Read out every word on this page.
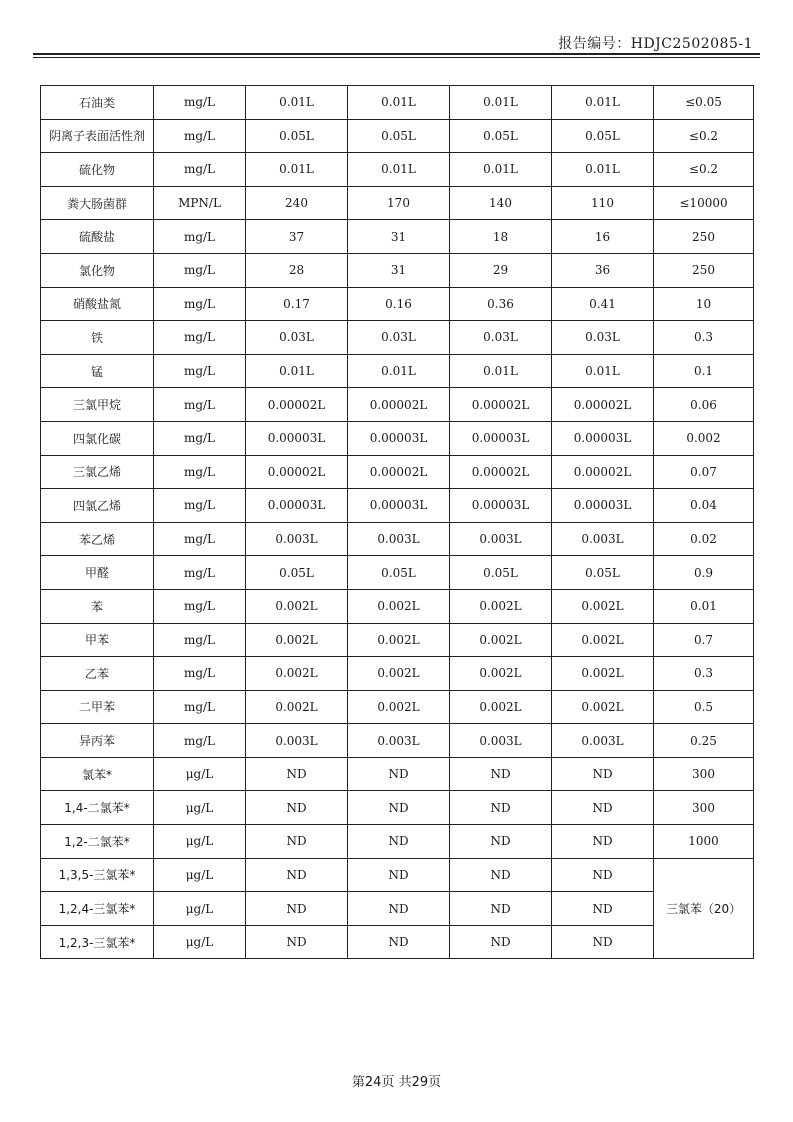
报告编号：HDJC2502085-1
石油类	mg/L	0.01L	0.01L	0.01L	0.01L	≤0.05
阴离子表面活性剂	mg/L	0.05L	0.05L	0.05L	0.05L	≤0.2
硫化物	mg/L	0.01L	0.01L	0.01L	0.01L	≤0.2
粪大肠菌群	MPN/L	240	170	140	110	≤10000
硫酸盐	mg/L	37	31	18	16	250
氯化物	mg/L	28	31	29	36	250
硝酸盐氮	mg/L	0.17	0.16	0.36	0.41	10
铁	mg/L	0.03L	0.03L	0.03L	0.03L	0.3
锰	mg/L	0.01L	0.01L	0.01L	0.01L	0.1
三氯甲烷	mg/L	0.00002L	0.00002L	0.00002L	0.00002L	0.06
四氯化碳	mg/L	0.00003L	0.00003L	0.00003L	0.00003L	0.002
三氯乙烯	mg/L	0.00002L	0.00002L	0.00002L	0.00002L	0.07
四氯乙烯	mg/L	0.00003L	0.00003L	0.00003L	0.00003L	0.04
苯乙烯	mg/L	0.003L	0.003L	0.003L	0.003L	0.02
甲醛	mg/L	0.05L	0.05L	0.05L	0.05L	0.9
苯	mg/L	0.002L	0.002L	0.002L	0.002L	0.01
甲苯	mg/L	0.002L	0.002L	0.002L	0.002L	0.7
乙苯	mg/L	0.002L	0.002L	0.002L	0.002L	0.3
二甲苯	mg/L	0.002L	0.002L	0.002L	0.002L	0.5
异丙苯	mg/L	0.003L	0.003L	0.003L	0.003L	0.25
氯苯*	μg/L	ND	ND	ND	ND	300
1,4-二氯苯*	μg/L	ND	ND	ND	ND	300
1,2-二氯苯*	μg/L	ND	ND	ND	ND	1000
1,3,5-三氯苯*	μg/L	ND	ND	ND	ND	三氯苯（20）
1,2,4-三氯苯*	μg/L	ND	ND	ND	ND	
1,2,3-三氯苯*	μg/L	ND	ND	ND	ND	
第24页 共29页
